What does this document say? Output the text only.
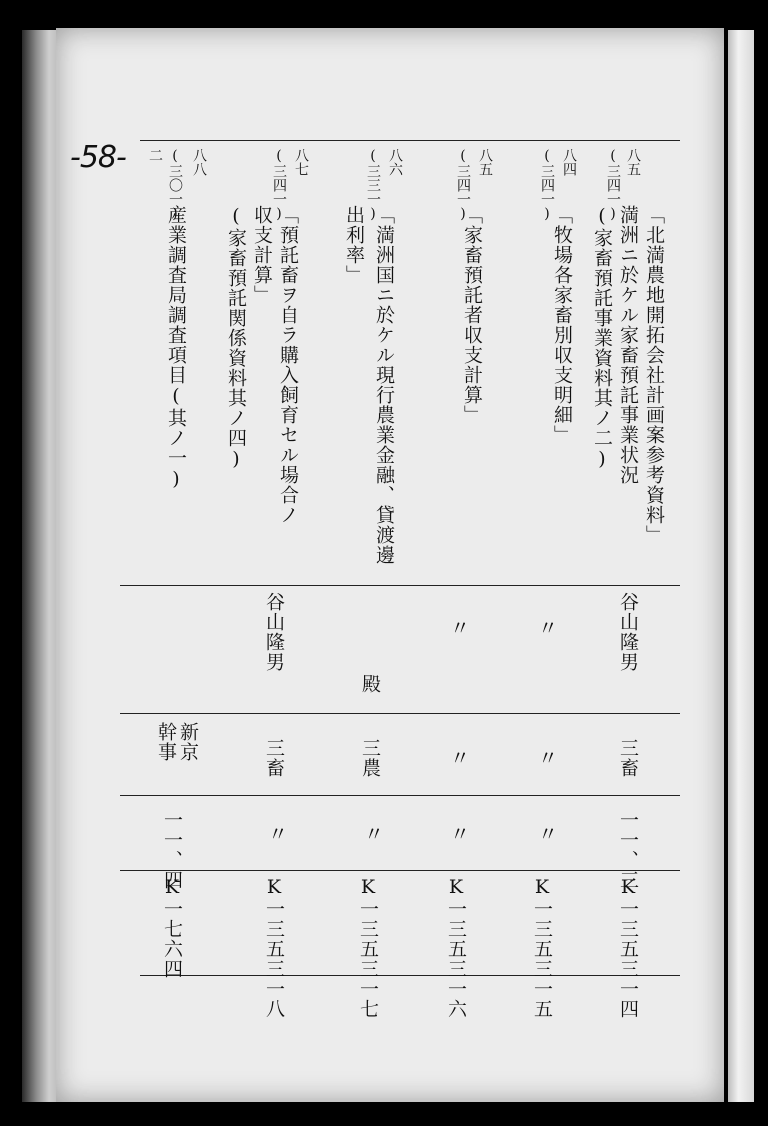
-58-	八五
(三四一)
「北満農地開拓会社計画案参考資料」
満洲ニ於ケル家畜預託事業状況
(家畜預託事業資料其ノ二)
谷山隆男
三畜
一一、三
K一三五三一四
八四
(三四一)
「牧場各家畜別収支明細」
〃
〃
〃
K一三五三一五
八五
(三四一)
「家畜預託者収支計算」
〃
〃
〃
K一三五三一六
八六
(三三一)
「満洲国ニ於ケル現行農業金融、貸渡邊
出利率」
殿
三農
〃
K一三五三一七
八七
(三四一)
「預託畜ヲ自ラ購入飼育セル場合ノ
収支計算」
(家畜預託関係資料其ノ四)
谷山隆男
三畜
〃
K一三五三一八
八八
(三〇一)
二
産業調査局調査項目(其ノ一)
新京
幹事
一一、四
K一七六四
